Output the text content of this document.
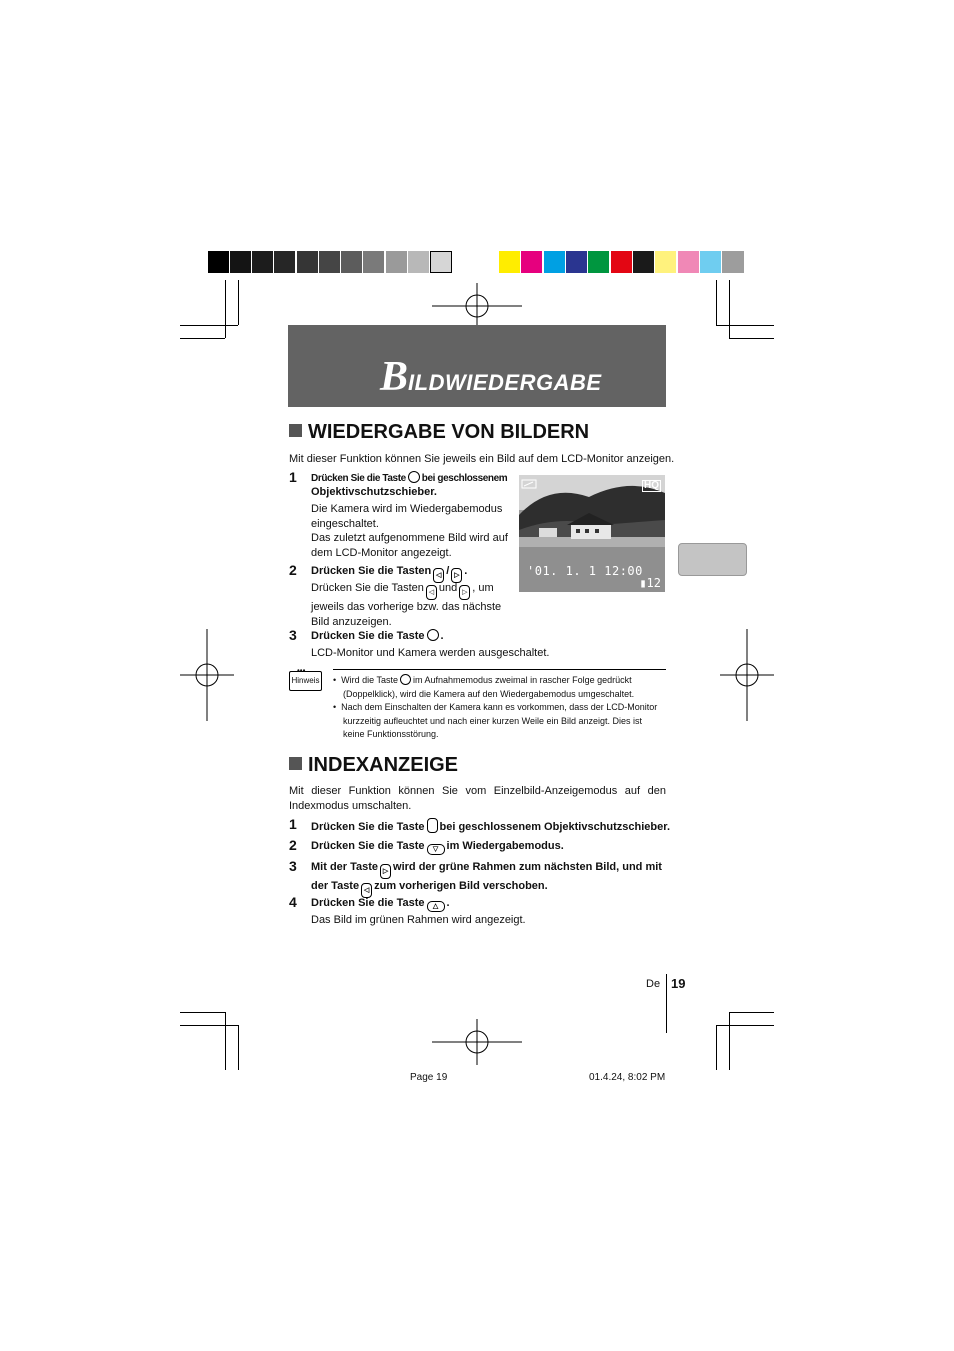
BILDWIEDERGABE
WIEDERGABE VON BILDERN
Mit dieser Funktion können Sie jeweils ein Bild auf dem LCD-Monitor anzeigen.
1 Drücken Sie die Taste bei geschlossenem
Objektivschutzschieber.
Die Kamera wird im Wiedergabemodus
eingeschaltet.
Das zuletzt aufgenommene Bild wird auf
dem LCD-Monitor angezeigt.
2 Drücken Sie die Tasten ◁ / ▷ .
Drücken Sie die Tasten ◁ und ▷ , um
jeweils das vorherige bzw. das nächste
Bild anzuzeigen.
3 Drücken Sie die Taste .
LCD-Monitor und Kamera werden ausgeschaltet.
HQ
'01. 1. 1 12:00
▮12
•••
Hinweis •  Wird die Taste im Aufnahmemodus zweimal in rascher Folge gedrückt
(Doppelklick), wird die Kamera auf den Wiedergabemodus umgeschaltet.
•  Nach dem Einschalten der Kamera kann es vorkommen, dass der LCD-Monitor
kurzzeitig aufleuchtet und nach einer kurzen Weile ein Bild anzeigt. Dies ist
keine Funktionsstörung.
INDEXANZEIGE
Mit dieser Funktion können Sie vom Einzelbild-Anzeigemodus auf den
Indexmodus umschalten.
1 Drücken Sie die Taste bei geschlossenem Objektivschutzschieber.
2 Drücken Sie die Taste ▽ im Wiedergabemodus.
3 Mit der Taste ▷ wird der grüne Rahmen zum nächsten Bild, und mit
der Taste ◁ zum vorherigen Bild verschoben.
4 Drücken Sie die Taste △ .
Das Bild im grünen Rahmen wird angezeigt.
De 19
Page 19	01.4.24, 8:02 PM
